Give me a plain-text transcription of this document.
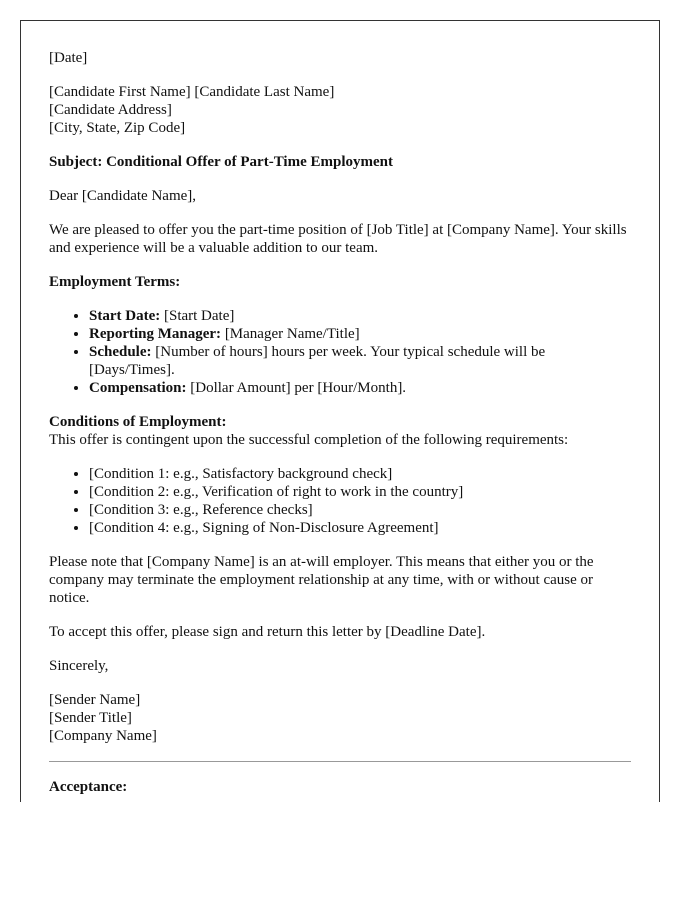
[Date]

[Candidate First Name] [Candidate Last Name]
[Candidate Address]
[City, State, Zip Code]

Subject: Conditional Offer of Part-Time Employment

Dear [Candidate Name],

We are pleased to offer you the part-time position of [Job Title] at [Company Name]. Your skills and experience will be a valuable addition to our team.

Employment Terms:

• Start Date: [Start Date]
• Reporting Manager: [Manager Name/Title]
• Schedule: [Number of hours] hours per week. Your typical schedule will be [Days/Times].
• Compensation: [Dollar Amount] per [Hour/Month].
Conditions of Employment:
This offer is contingent upon the successful completion of the following requirements:
• [Condition 1: e.g., Satisfactory background check]
• [Condition 2: e.g., Verification of right to work in the country]
• [Condition 3: e.g., Reference checks]
• [Condition 4: e.g., Signing of Non-Disclosure Agreement]

Please note that [Company Name] is an at-will employer. This means that either you or the company may terminate the employment relationship at any time, with or without cause or notice.

To accept this offer, please sign and return this letter by [Deadline Date].

Sincerely,

[Sender Name]
[Sender Title]
[Company Name]

Acceptance:
